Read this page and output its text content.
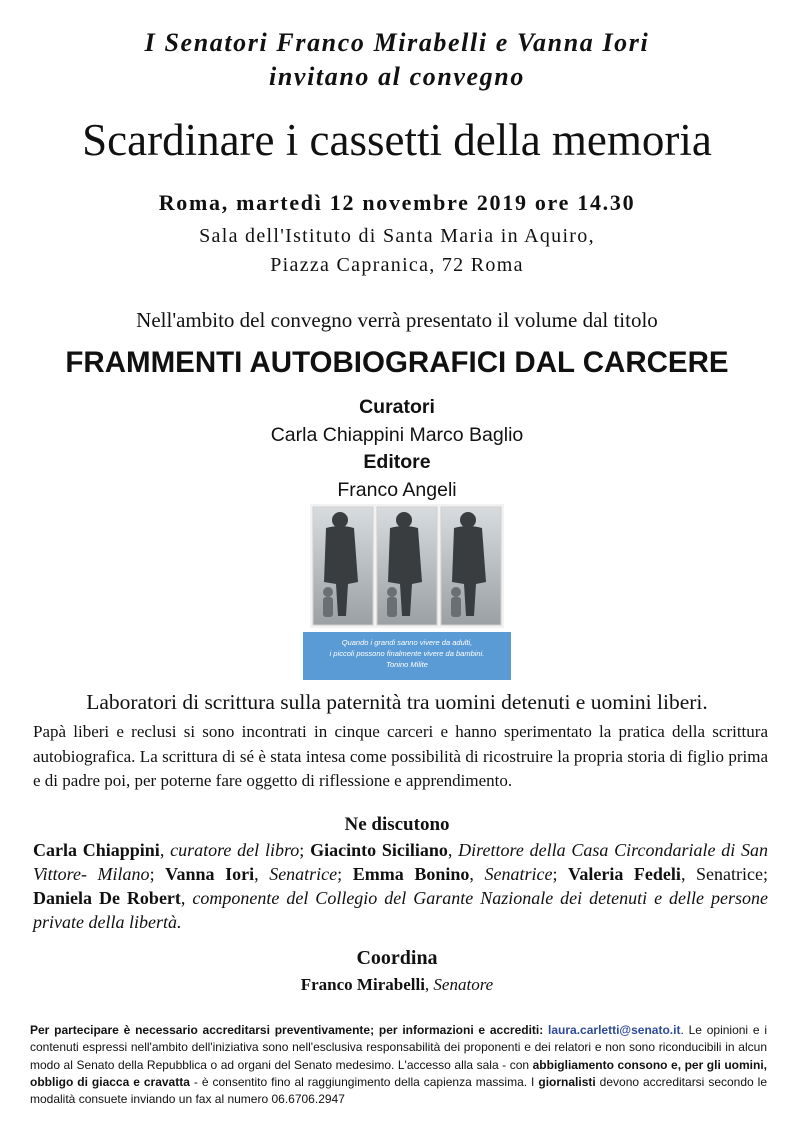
I Senatori Franco Mirabelli e Vanna Iori
invitano al convegno
Scardinare i cassetti della memoria
Roma, martedì 12 novembre 2019 ore 14.30
Sala dell'Istituto di Santa Maria in Aquiro,
Piazza Capranica, 72 Roma
Nell'ambito del convegno verrà presentato il volume dal titolo
FRAMMENTI AUTOBIOGRAFICI DAL CARCERE
Curatori
Carla Chiappini Marco Baglio
Editore
Franco Angeli
Quando i grandi sanno vivere da adulti,
i piccoli possono finalmente vivere da bambini.
Tonino Milite
Laboratori di scrittura sulla paternità tra uomini detenuti e uomini liberi.
Papà liberi e reclusi si sono incontrati in cinque carceri e hanno sperimentato la pratica della scrittura autobiografica. La scrittura di sé è stata intesa come possibilità di ricostruire la propria storia di figlio prima e di padre poi, per poterne fare oggetto di riflessione e apprendimento.
Ne discutono
Carla Chiappini, curatore del libro; Giacinto Siciliano, Direttore della Casa Circondariale di San Vittore- Milano; Vanna Iori, Senatrice; Emma Bonino, Senatrice; Valeria Fedeli, Senatrice; Daniela De Robert, componente del Collegio del Garante Nazionale dei detenuti e delle persone private della libertà.
Coordina
Franco Mirabelli, Senatore
Per partecipare è necessario accreditarsi preventivamente; per informazioni e accrediti: laura.carletti@senato.it. Le opinioni e i contenuti espressi nell'ambito dell'iniziativa sono nell'esclusiva responsabilità dei proponenti e dei relatori e non sono riconducibili in alcun modo al Senato della Repubblica o ad organi del Senato medesimo. L'accesso alla sala - con abbigliamento consono e, per gli uomini, obbligo di giacca e cravatta - è consentito fino al raggiungimento della capienza massima. I giornalisti devono accreditarsi secondo le modalità consuete inviando un fax al numero 06.6706.2947
